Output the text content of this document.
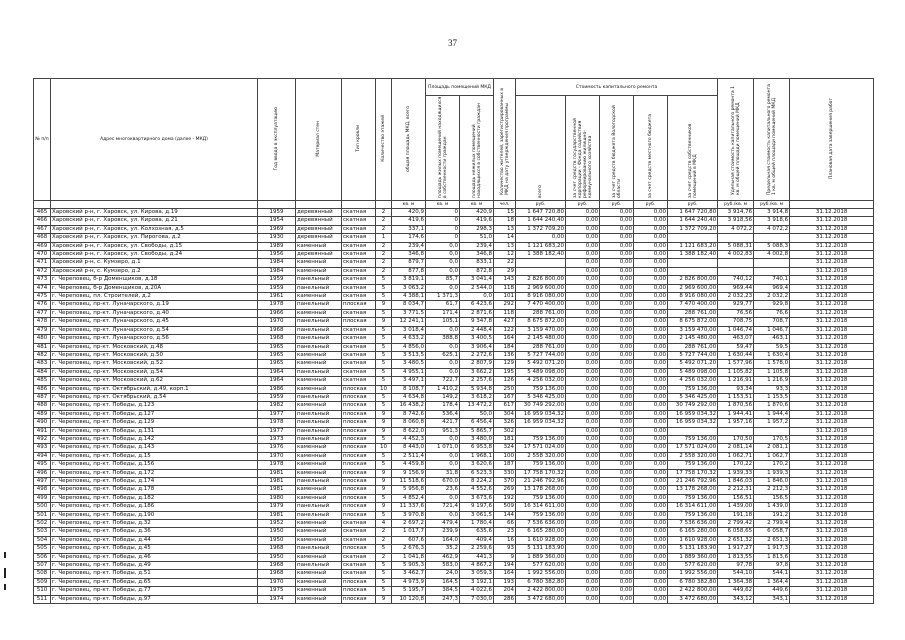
37
№ п/п	Адрес многоквартирного дома (далее - МКД)	Год ввода в эксплуатацию	Материал стен	Тип кровли	Количество этажей	общая площадь МКД, всего	Площадь помещений МКД		Количество жителей, зарегистрированных в МКД на дату утверждения программы	Стоимость капитального ремонта					Удельная стоимость капитального ремонта 1 кв. м общей площади помещений МКД	Предельная стоимость капитального ремонта 1 кв. м общей площади помещений МКД	Плановая дата завершения работ
							площадь жилых помещений находящихся в собственности граждан	площадь нежилых помещений находящихся в собственности граждан		всего	за счет средств государственной корпорации - Фонда содействия реформированию жилищно-коммунального хозяйства	за счет средств бюджета Вологодской области	за счет средств местного бюджета	за счет средств собственников помещений в МКД			
						кв. м	кв. м	кв. м	чел.	руб.	руб.	руб.	руб.	руб.	руб./кв. м	руб./кв. м	
465	Харовский р-н, г. Харовск, ул. Кирова, д.19	1959	деревянный	скатная	2	420,9	0	420,9	15	1 647 720,80	0,00	0,00	0,00	1 647 720,80	3 914,76	3 914,8	31.12.2018
466	Харовский р-н, г. Харовск, ул. Кирова, д.21	1954	деревянный	скатная	2	419,6	0	419,6	18	1 644 240,40	0,00	0,00	0,00	1 644 240,40	3 918,56	3 918,6	31.12.2018
467	Харовский р-н, г. Харовск, ул. Колхозная, д.5	1969	деревянный	скатная	2	337,1	0	298,3	13	1 372 709,20	0,00	0,00	0,00	1 372 709,20	4 072,2	4 072,2	31.12.2018
468	Харовский р-н, г. Харовск, ул. Пирогова, д.2	1930	деревянный	скатная	1	174,6	0	51,0	14	0,00	0,00	0,00	0,00				31.12.2018
469	Харовский р-н, г. Харовск, ул. Свободы, д.15	1989	каменный	скатная	2	239,4	0,0	239,4	13	1 121 683,20	0,00	0,00	0,00	1 121 683,20	5 088,31	5 088,3	31.12.2018
470	Харовский р-н, г. Харовск, ул. Свободы, д.24	1956	деревянный	скатная	2	346,8	0,0	346,8	12	1 388 182,40	0,00	0,00	0,00	1 388 182,40	4 002,83	4 002,8	31.12.2018
471	Харовский р-н, с. Кумзеро, д.1	1984	каменный	скатная	2	879,7	0,0	833,1	22		0,00	0,00	0,00				31.12.2018
472	Харовский р-н, с. Кумзеро, д.2	1984	каменный	скатная	2	877,8	0,0	872,8	29		0,00	0,00	0,00				31.12.2018
473	г. Череповец, б-р Доменщиков, д.18	1959	панельный	скатная	5	3 819,1	85,7	3 041,4	143	2 826 800,00	0,00	0,00	0,00	2 826 800,00	740,12	740,1	31.12.2018
474	г. Череповец, б-р Доменщиков, д.20А	1959	панельный	скатная	5	3 063,2	0,0	2 544,0	118	2 969 600,00	0,00	0,00	0,00	2 969 600,00	969,44	969,4	31.12.2018
475	г. Череповец, пл. Строителей, д.2	1961	каменный	скатная	5	4 388,1	1 371,3	0,0	101	8 916 080,00	0,00	0,00	0,00	8 916 080,00	2 032,23	2 032,2	31.12.2018
476	г. Череповец, пр-кт. Луначарского, д.19	1978	панельный	плоская	9	8 034,7	61,7	6 423,6	292	7 470 400,00	0,00	0,00	0,00	7 470 400,00	929,77	929,8	31.12.2018
477	г. Череповец, пр-кт. Луначарского, д.40	1966	каменный	скатная	5	3 771,5	171,4	2 871,6	118	288 761,00	0,00	0,00	0,00	288 761,00	76,56	76,6	31.12.2018
478	г. Череповец, пр-кт. Луначарского, д.45	1970	панельный	плоская	9	12 241,1	105,1	9 347,8	427	8 675 872,00	0,00	0,00	0,00	8 675 872,00	708,75	708,7	31.12.2018
479	г. Череповец, пр-кт. Луначарского, д.54	1968	панельный	скатная	5	3 018,4	0,0	2 448,4	122	3 159 470,00	0,00	0,00	0,00	3 159 470,00	1 046,74	1 046,7	31.12.2018
480	г. Череповец, пр-кт. Луначарского, д.56	1968	панельный	скатная	5	4 633,2	388,8	3 400,5	164	2 145 480,00	0,00	0,00	0,00	2 145 480,00	463,07	463,1	31.12.2018
481	г. Череповец, пр-кт. Московский, д.48	1965	панельный	скатная	5	4 856,0	0,0	3 906,4	184	288 761,00	0,00	0,00	0,00	288 761,00	59,47	59,5	31.12.2018
482	г. Череповец, пр-кт. Московский, д.50	1965	каменный	скатная	5	3 513,5	625,1	2 272,6	136	5 727 744,00	0,00	0,00	0,00	5 727 744,00	1 630,44	1 630,4	31.12.2018
483	г. Череповец, пр-кт. Московский, д.52	1965	каменный	скатная	5	3 480,5	0,0	2 807,9	129	5 492 071,20	0,00	0,00	0,00	5 492 071,20	1 577,96	1 578,0	31.12.2018
484	г. Череповец, пр-кт. Московский, д.54	1964	панельный	скатная	5	4 955,1	0,0	3 662,2	195	5 489 098,00	0,00	0,00	0,00	5 489 098,00	1 105,82	1 105,8	31.12.2018
485	г. Череповец, пр-кт. Московский, д.62	1964	каменный	скатная	5	3 497,1	722,7	2 257,6	126	4 256 032,00	0,00	0,00	0,00	4 256 032,00	1 216,91	1 216,9	31.12.2018
486	г. Череповец, пр-кт. Октябрьский, д.49, корп.1	1986	каменный	плоская	10	8 108,7	1 410,2	5 934,8	250	759 136,00	0,00	0,00	0,00	759 136,00	93,34	93,3	31.12.2018
487	г. Череповец, пр-кт. Октябрьский, д.54	1959	панельный	плоская	5	4 634,8	149,2	3 618,2	167	5 346 425,00	0,00	0,00	0,00	5 346 425,00	1 153,51	1 153,5	31.12.2018
488	г. Череповец, пр-кт. Победы, д.123	1982	каменный	плоская	5	16 438,2	178,4	13 472,2	617	30 749 292,00	0,00	0,00	0,00	30 749 292,00	1 870,56	1 870,6	31.12.2018
489	г. Череповец, пр-кт. Победы, д.127	1977	панельный	плоская	9	8 742,6	536,4	50,0	304	16 959 034,32	0,00	0,00	0,00	16 959 034,32	1 944,41	1 944,4	31.12.2018
490	г. Череповец, пр-кт. Победы, д.129	1978	панельный	плоская	9	8 060,8	421,7	6 456,4	326	16 959 034,32	0,00	0,00	0,00	16 959 034,32	1 957,16	1 957,2	31.12.2018
491	г. Череповец, пр-кт. Победы, д.131	1977	панельный	плоская	9	8 622,0	951,3	5 865,7	302		0,00	0,00	0,00				31.12.2018
492	г. Череповец, пр-кт. Победы, д.142	1973	панельный	плоская	5	4 452,3	0,0	3 480,0	181	759 136,00	0,00	0,00	0,00	759 136,00	170,50	170,5	31.12.2018
493	г. Череповец, пр-кт. Победы, д.143	1976	каменный	плоская	10	8 443,0	1 071,0	6 953,8	324	17 571 024,00	0,00	0,00	0,00	17 571 024,00	2 081,14	2 081,1	31.12.2018
494	г. Череповец, пр-кт. Победы, д.15	1970	каменный	плоская	5	2 511,4	0,0	1 968,1	100	2 558 320,00	0,00	0,00	0,00	2 558 320,00	1 062,71	1 062,7	31.12.2018
495	г. Череповец, пр-кт. Победы, д.156	1978	каменный	плоская	5	4 459,8	0,0	3 620,6	187	759 136,00	0,00	0,00	0,00	759 136,00	170,22	170,2	31.12.2018
496	г. Череповец, пр-кт. Победы, д.172	1981	каменный	плоская	9	9 156,9	31,8	6 523,3	330	17 758 170,32	0,00	0,00	0,00	17 758 170,32	1 939,33	1 939,3	31.12.2018
497	г. Череповец, пр-кт. Победы, д.174	1981	панельный	плоская	9	11 518,6	670,0	8 224,2	370	21 246 792,96	0,00	0,00	0,00	21 246 792,96	1 846,03	1 846,0	31.12.2018
498	г. Череповец, пр-кт. Победы, д.178	1981	каменный	плоская	9	5 956,8	23,6	4 552,6	269	13 178 268,00	0,00	0,00	0,00	13 178 268,00	2 212,31	2 212,3	31.12.2018
499	г. Череповец, пр-кт. Победы, д.182	1980	каменный	плоская	5	4 852,4	0,0	3 673,6	192	759 136,00	0,00	0,00	0,00	759 136,00	156,51	156,5	31.12.2018
500	г. Череповец, пр-кт. Победы, д.186	1979	панельный	плоская	9	11 337,6	721,4	9 197,6	509	16 314 611,00	0,00	0,00	0,00	16 314 611,00	1 439,00	1 439,0	31.12.2018
501	г. Череповец, пр-кт. Победы, д.190	1981	панельный	плоская	5	3 970,8	0,0	3 061,5	144	759 136,00	0,00	0,00	0,00	759 136,00	191,18	191,2	31.12.2018
502	г. Череповец, пр-кт. Победы, д.32	1952	каменный	скатная	4	2 697,2	479,4	1 780,4	66	7 536 636,00	0,00	0,00	0,00	7 536 636,00	2 799,42	2 799,4	31.12.2018
503	г. Череповец, пр-кт. Победы, д.36	1950	каменный	скатная	2	1 017,7	239,9	635,6	23	6 165 280,00	0,00	0,00	0,00	6 165 280,00	6 058,65	6 058,7	31.12.2018
504	г. Череповец, пр-кт. Победы, д.44	1950	каменный	скатная	2	607,6	164,0	409,4	16	1 610 928,00	0,00	0,00	0,00	1 610 928,00	2 651,32	2 651,3	31.12.2018
505	г. Череповец, пр-кт. Победы, д.45	1968	панельный	плоская	5	2 676,3	35,2	2 259,6	93	5 131 183,90	0,00	0,00	0,00	5 131 183,90	1 917,27	1 917,3	31.12.2018
506	г. Череповец, пр-кт. Победы, д.46	1950	каменный	скатная	2	1 041,8	462,9	441,3	9	1 889 360,00	0,00	0,00	0,00	1 889 360,00	1 813,55	1 813,6	31.12.2018
507	г. Череповец, пр-кт. Победы, д.49	1968	панельный	скатная	5	5 905,3	583,0	4 867,2	194	577 620,00	0,00	0,00	0,00	577 620,00	97,78	97,8	31.12.2018
508	г. Череповец, пр-кт. Победы, д.51	1968	каменный	скатная	5	3 462,7	24,0	3 059,3	164	1 992 556,00	0,00	0,00	0,00	1 992 556,00	544,10	544,1	31.12.2018
509	г. Череповец, пр-кт. Победы, д.65	1970	каменный	плоская	5	4 973,9	164,5	3 192,1	193	6 780 382,80	0,00	0,00	0,00	6 780 382,80	1 364,38	1 364,4	31.12.2018
510	г. Череповец, пр-кт. Победы, д.77	1975	каменный	плоская	5	5 195,7	384,5	4 022,6	204	2 422 800,00	0,00	0,00	0,00	2 422 800,00	449,62	449,6	31.12.2018
511	г. Череповец, пр-кт. Победы, д.97	1974	каменный	плоская	9	10 120,8	247,3	7 030,0	286	3 472 680,00	0,00	0,00	0,00	3 472 680,00	343,12	343,1	31.12.2018
